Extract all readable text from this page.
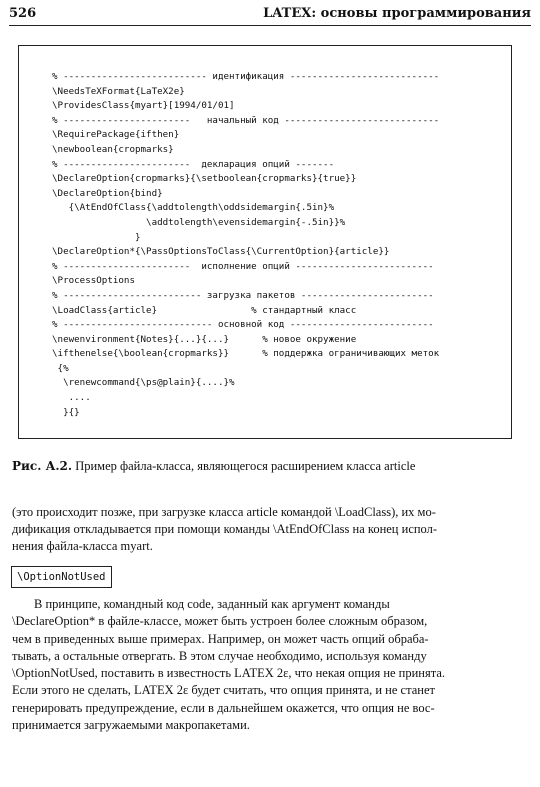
526	LATEX: основы программирования
% -------------------------- идентификация ---------------------------
\NeedsTeXFormat{LaTeX2e}
\ProvidesClass{myart}[1994/01/01]
% -----------------------   начальный код ----------------------------
\RequirePackage{ifthen}
\newboolean{cropmarks}
% -----------------------  декларация опций -------
\DeclareOption{cropmarks}{\setboolean{cropmarks}{true}}
\DeclareOption{bind}
{\AtEndOfClass{\addtolength\oddsidemargin{.5in}%
\addtolength\evensidemargin{-.5in}}%
}
\DeclareOption*{\PassOptionsToClass{\CurrentOption}{article}}
% -----------------------  исполнение опций -------------------------
\ProcessOptions
% ------------------------- загрузка пакетов ------------------------
\LoadClass{article}                 % стандартный класс
% --------------------------- основной код --------------------------
\newenvironment{Notes}{...}{...}      % новое окружение
\ifthenelse{\boolean{cropmarks}}      % поддержка ограничивающих меток
{%
\renewcommand{\ps@plain}{....}%
....
}{}
Рис. А.2. Пример файла-класса, являющегося расширением класса article
(это происходит позже, при загрузке класса article командой \LoadClass), их мо-
дификация откладывается при помощи команды \AtEndOfClass на конец испол-
нения файла-класса myart.
\OptionNotUsed
В принципе, командный код code, заданный как аргумент команды
\DeclareOption* в файле-классе, может быть устроен более сложным образом,
чем в приведенных выше примерах. Например, он может часть опций обраба-
тывать, а остальные отвергать. В этом случае необходимо, используя команду
\OptionNotUsed, поставить в известность LATEX 2ε, что некая опция не принята.
Если этого не сделать, LATEX 2ε будет считать, что опция принята, и не станет
генерировать предупреждение, если в дальнейшем окажется, что опция не вос-
принимается загружаемыми макропакетами.
